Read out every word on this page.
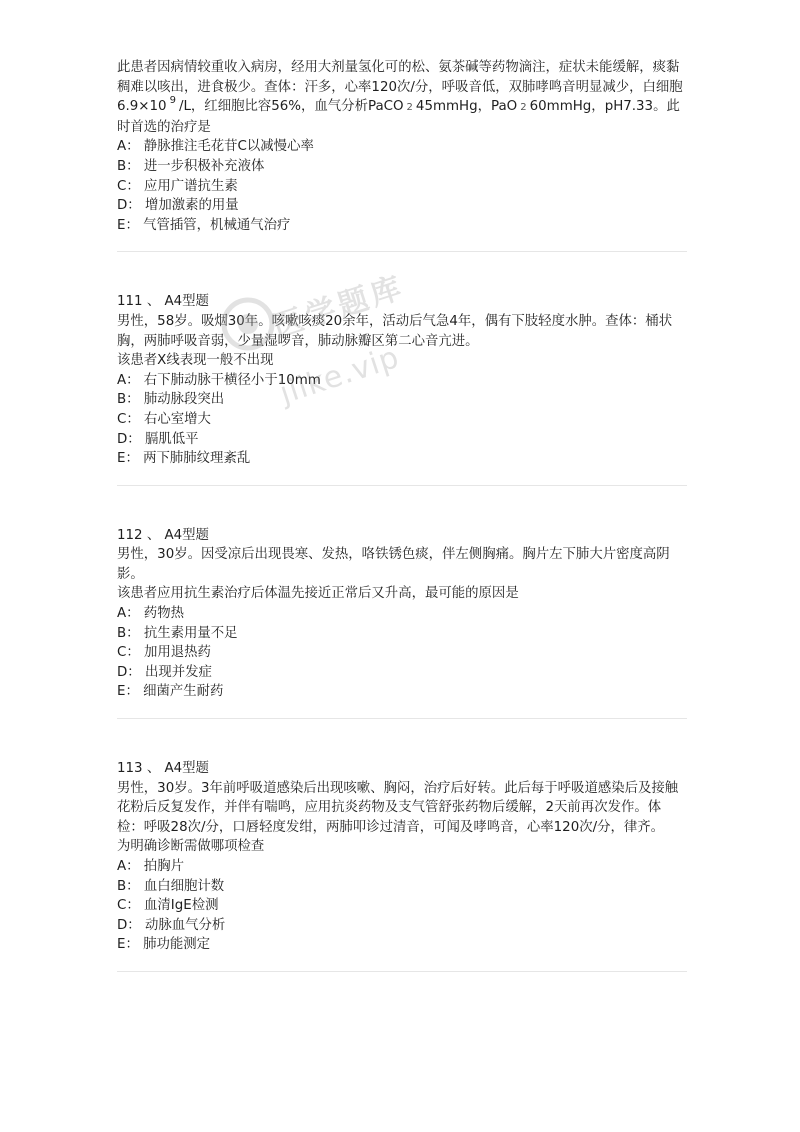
此患者因病情较重收入病房，经用大剂量氢化可的松、氨茶碱等药物滴注，症状未能缓解，痰黏稠难以咳出，进食极少。查体：汗多，心率120次/分，呼吸音低，双肺哮鸣音明显减少，白细胞6.9×10 $^9$ /L，红细胞比容56%，血气分析PaCO 2 45mmHg，PaO 2 60mmHg，pH7.33。此时首选的治疗是

A： 静脉推注毛花苷C以减慢心率

B： 进一步积极补充液体

C： 应用广谱抗生素

D： 增加激素的用量

E： 气管插管，机械通气治疗

111 、 A4型题

男性，58岁。吸烟30年。咳嗽咳痰20余年，活动后气急4年，偶有下肢轻度水肿。查体：桶状胸，两肺呼吸音弱，少量湿啰音，肺动脉瓣区第二心音亢进。

该患者X线表现一般不出现

A： 右下肺动脉干横径小于10mm

B： 肺动脉段突出

C： 右心室增大

D： 膈肌低平

E： 两下肺肺纹理紊乱

112 、 A4型题

男性，30岁。因受凉后出现畏寒、发热，咯铁锈色痰，伴左侧胸痛。胸片左下肺大片密度高阴影。

该患者应用抗生素治疗后体温先接近正常后又升高，最可能的原因是

A： 药物热

B： 抗生素用量不足

C： 加用退热药

D： 出现并发症

E： 细菌产生耐药

113 、 A4型题

男性，30岁。3年前呼吸道感染后出现咳嗽、胸闷，治疗后好转。此后每于呼吸道感染后及接触花粉后反复发作，并伴有喘鸣，应用抗炎药物及支气管舒张药物后缓解，2天前再次发作。体检：呼吸28次/分，口唇轻度发绀，两肺叩诊过清音，可闻及哮鸣音，心率120次/分，律齐。

为明确诊断需做哪项检查

A： 拍胸片

B： 血白细胞计数

C： 血清IgE检测

D： 动脉血气分析

E： 肺功能测定

医学题库
jiike.vip
